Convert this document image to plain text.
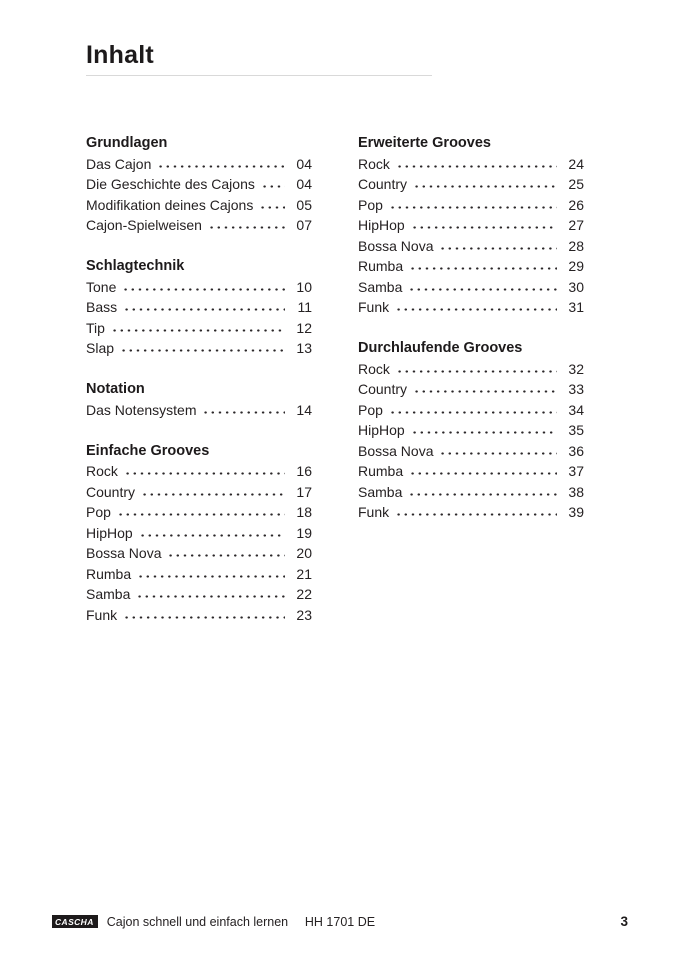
Inhalt
Grundlagen
Das Cajon	04
Die Geschichte des Cajons	04
Modifikation deines Cajons	05
Cajon-Spielweisen	07
Schlagtechnik
Tone	10
Bass	11
Tip	12
Slap	13
Notation
Das Notensystem	14
Einfache Grooves
Rock	16
Country	17
Pop	18
HipHop	19
Bossa Nova	20
Rumba	21
Samba	22
Funk	23
Erweiterte Grooves
Rock	24
Country	25
Pop	26
HipHop	27
Bossa Nova	28
Rumba	29
Samba	30
Funk	31
Durchlaufende Grooves
Rock	32
Country	33
Pop	34
HipHop	35
Bossa Nova	36
Rumba	37
Samba	38
Funk	39
CASCHA	Cajon schnell und einfach lernen HH 1701 DE	3
